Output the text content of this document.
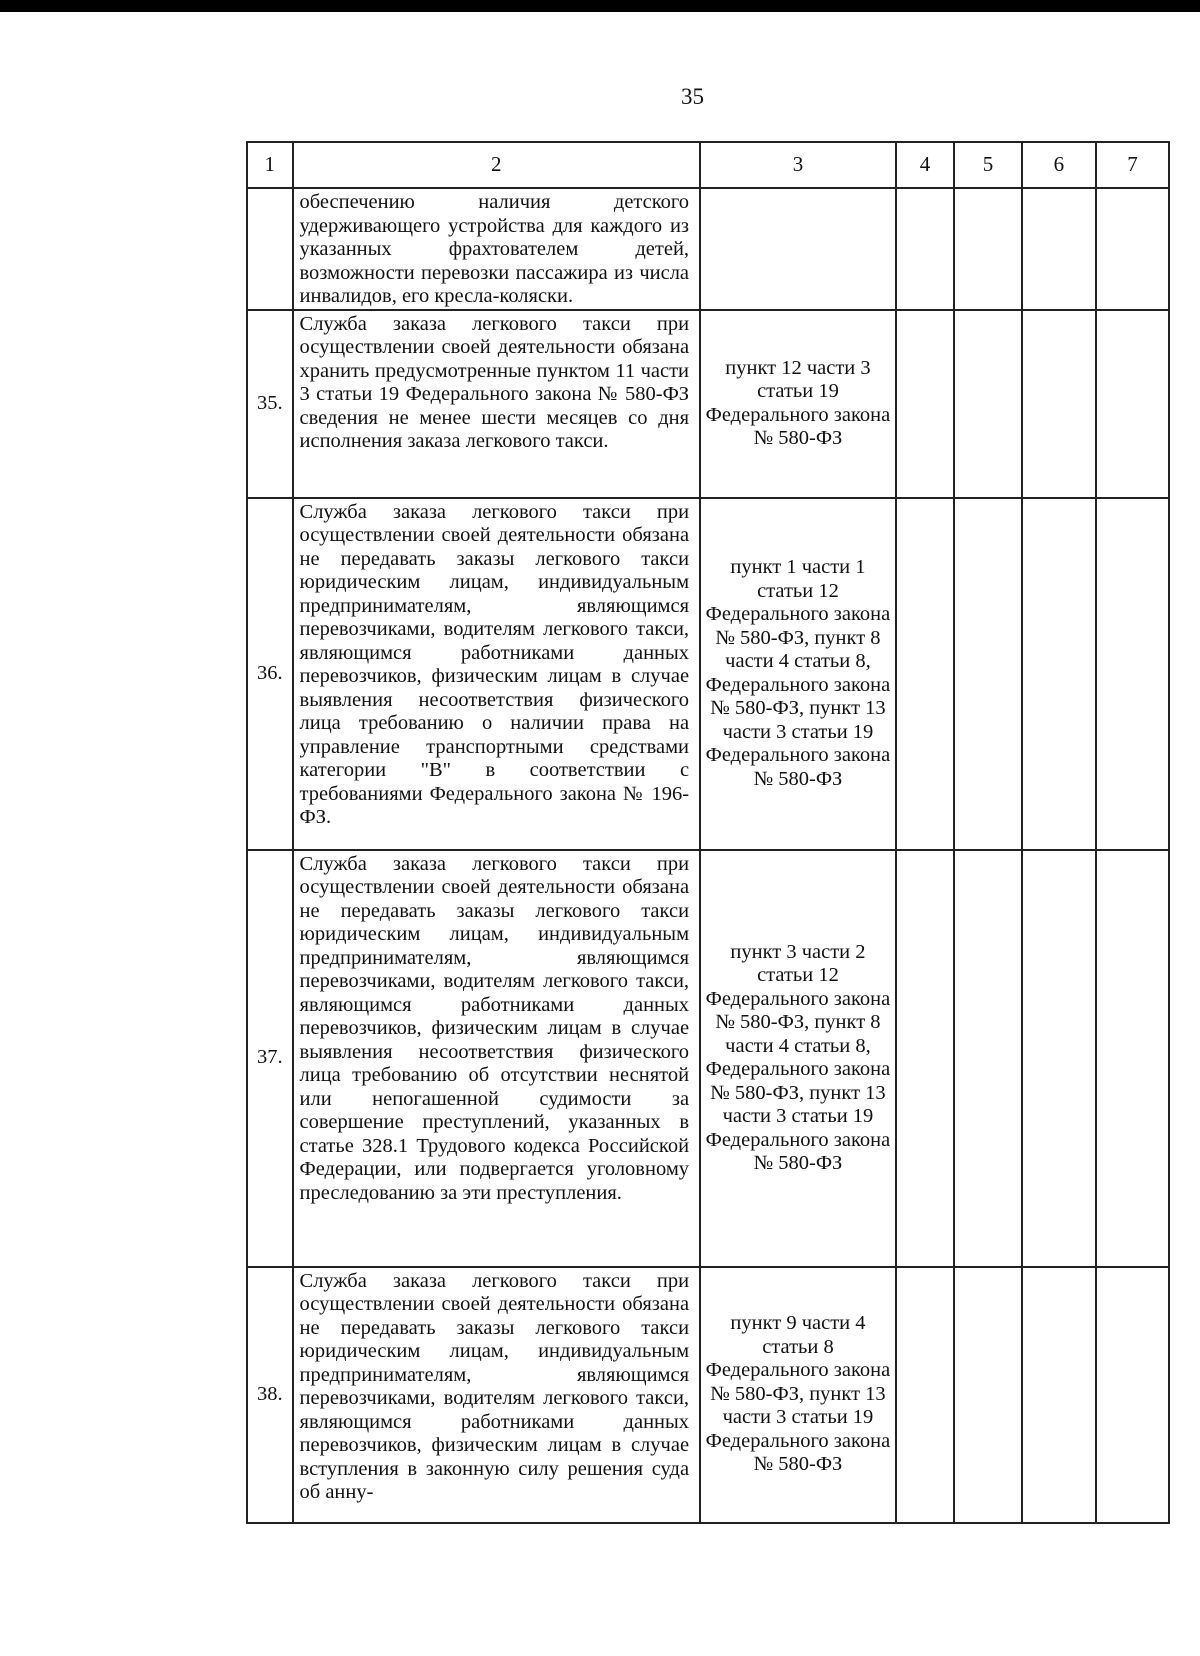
35
1	2	3	4	5	6	7
	обеспечению наличия детского удерживающего устройства для каждого из указанных фрахтователем детей, возможности перевозки пассажира из числа инвалидов, его кресла-коляски.					
35.	Служба заказа легкового такси при осуществлении своей деятельности обязана хранить предусмотренные пунктом 11 части 3 статьи 19 Федерального закона № 580-ФЗ сведения не менее шести месяцев со дня исполнения заказа легкового такси.	пункт 12 части 3 статьи 19 Федерального закона № 580-ФЗ				
36.	Служба заказа легкового такси при осуществлении своей деятельности обязана не передавать заказы легкового такси юридическим лицам, индивидуальным предпринимателям, являющимся перевозчиками, водителям легкового такси, являющимся работниками данных перевозчиков, физическим лицам в случае выявления несоответствия физического лица требованию о наличии права на управление транспортными средствами категории "В" в соответствии с требованиями Федерального закона № 196-ФЗ.	пункт 1 части 1 статьи 12 Федерального закона № 580-ФЗ, пункт 8 части 4 статьи 8, Федерального закона № 580-ФЗ, пункт 13 части 3 статьи 19 Федерального закона № 580-ФЗ				
37.	Служба заказа легкового такси при осуществлении своей деятельности обязана не передавать заказы легкового такси юридическим лицам, индивидуальным предпринимателям, являющимся перевозчиками, водителям легкового такси, являющимся работниками данных перевозчиков, физическим лицам в случае выявления несоответствия физического лица требованию об отсутствии неснятой или непогашенной судимости за совершение преступлений, указанных в статье 328.1 Трудового кодекса Российской Федерации, или подвергается уголовному преследованию за эти преступления.	пункт 3 части 2 статьи 12 Федерального закона № 580-ФЗ, пункт 8 части 4 статьи 8, Федерального закона № 580-ФЗ, пункт 13 части 3 статьи 19 Федерального закона № 580-ФЗ				
38.	Служба заказа легкового такси при осуществлении своей деятельности обязана не передавать заказы легкового такси юридическим лицам, индивидуальным предпринимателям, являющимся перевозчиками, водителям легкового такси, являющимся работниками данных перевозчиков, физическим лицам в случае вступления в законную силу решения суда об анну-	пункт 9 части 4 статьи 8 Федерального закона № 580-ФЗ, пункт 13 части 3 статьи 19 Федерального закона № 580-ФЗ				
